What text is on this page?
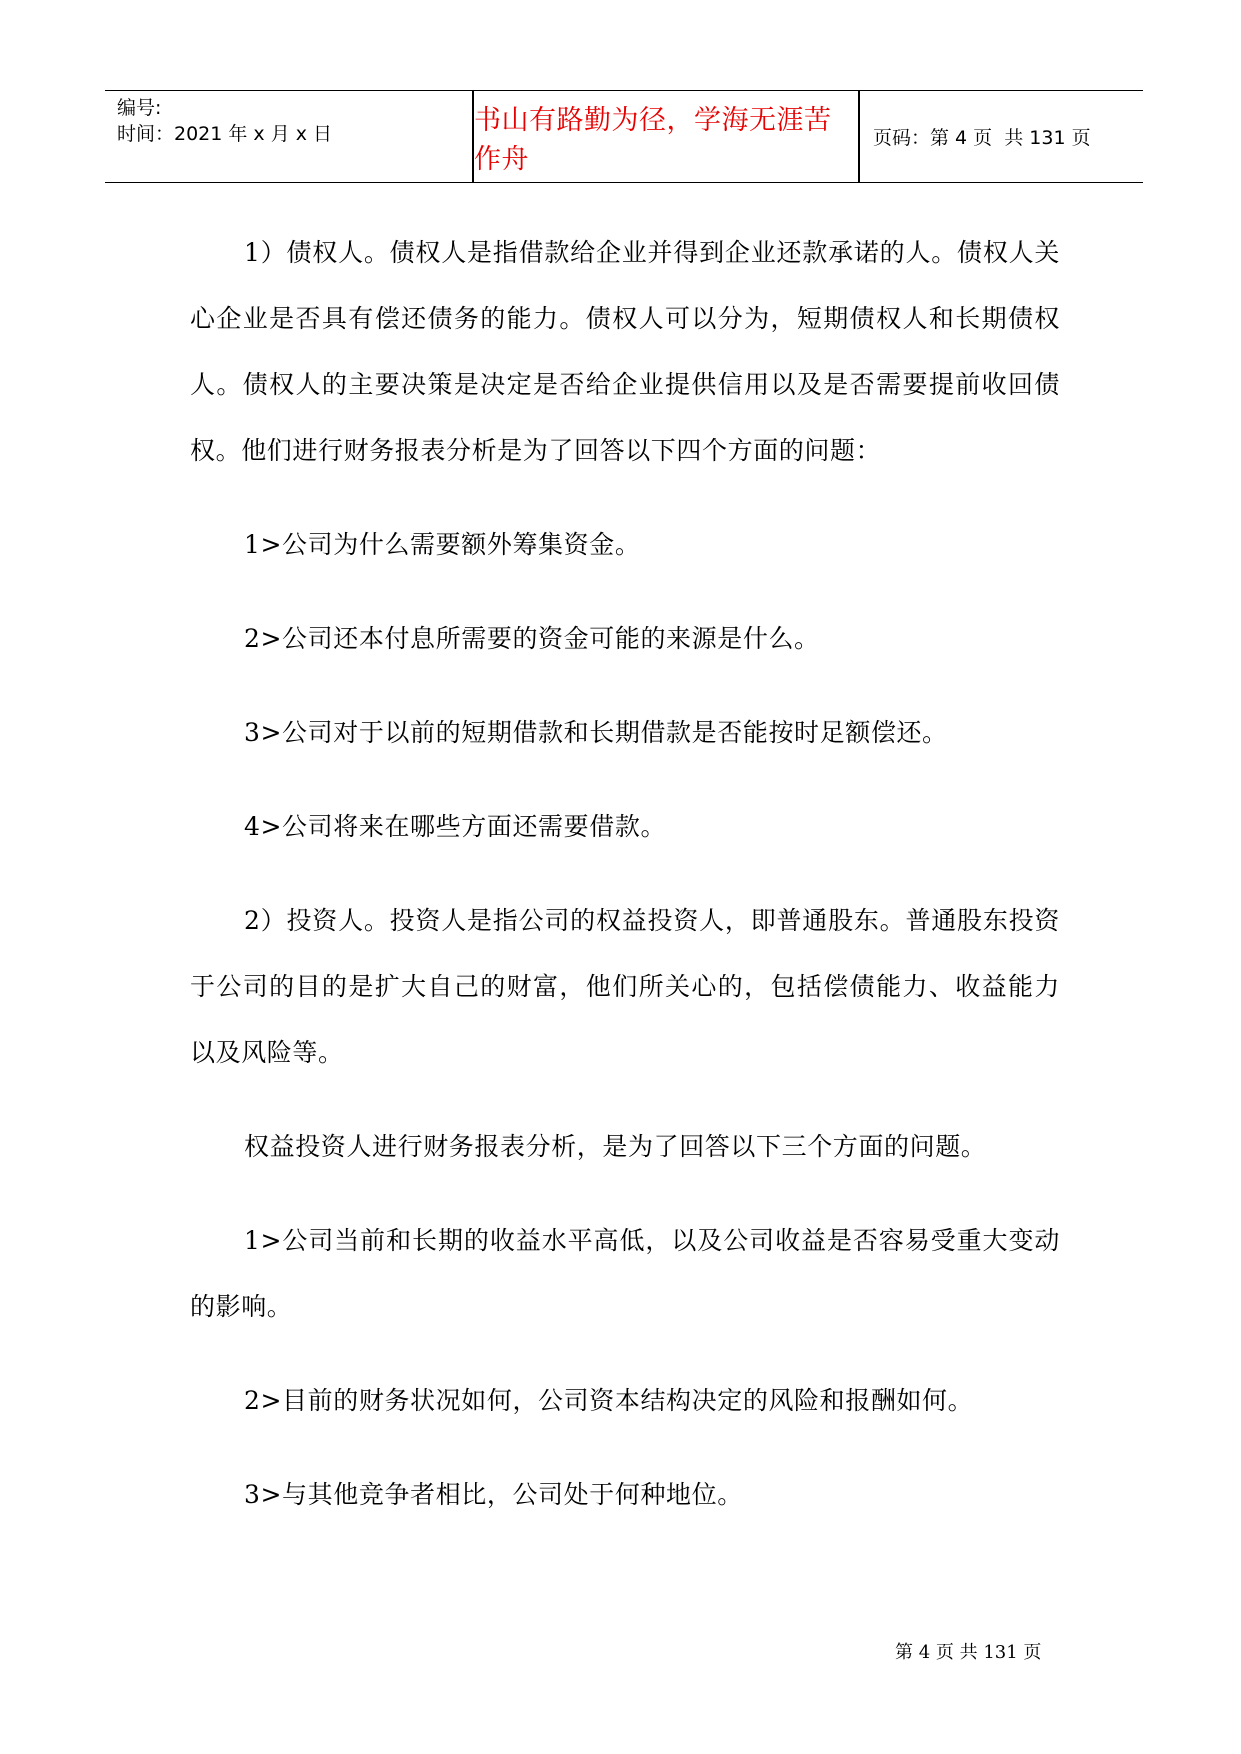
编号:
时间：2021 年 x 月 x 日	书山有路勤为径，学海无涯苦作舟
页码：第 4 页  共 131 页

1）债权人。债权人是指借款给企业并得到企业还款承诺的人。债权人关心企业是否具有偿还债务的能力。债权人可以分为，短期债权人和长期债权人。债权人的主要决策是决定是否给企业提供信用以及是否需要提前收回债权。他们进行财务报表分析是为了回答以下四个方面的问题：

1>公司为什么需要额外筹集资金。

2>公司还本付息所需要的资金可能的来源是什么。

3>公司对于以前的短期借款和长期借款是否能按时足额偿还。

4>公司将来在哪些方面还需要借款。

2）投资人。投资人是指公司的权益投资人，即普通股东。普通股东投资于公司的目的是扩大自己的财富，他们所关心的，包括偿债能力、收益能力以及风险等。

权益投资人进行财务报表分析，是为了回答以下三个方面的问题。

1>公司当前和长期的收益水平高低，以及公司收益是否容易受重大变动的影响。

2>目前的财务状况如何，公司资本结构决定的风险和报酬如何。

3>与其他竞争者相比，公司处于何种地位。

第 4 页 共 131 页
